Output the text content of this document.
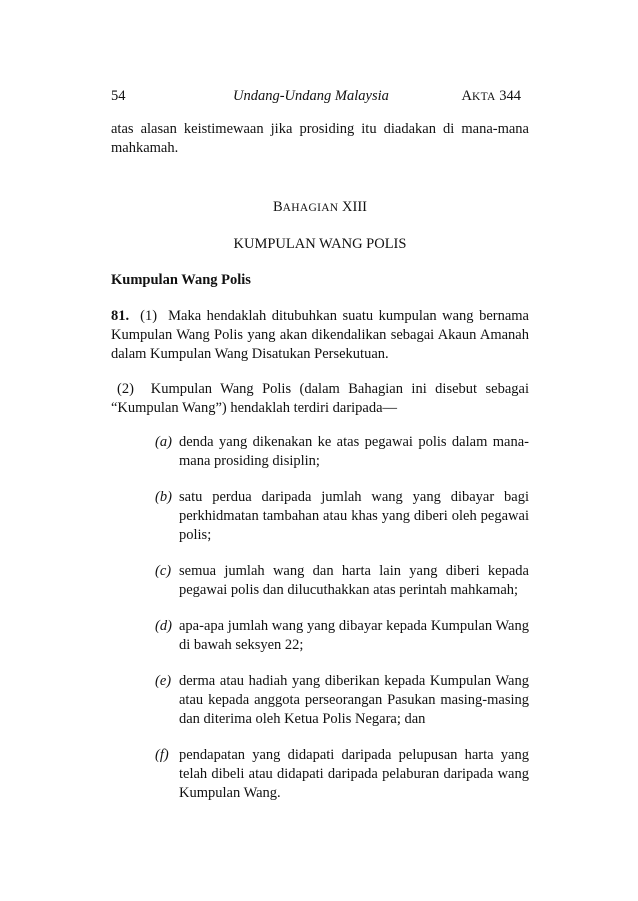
54	Undang-Undang Malaysia	AKTA 344

atas alasan keistimewaan jika prosiding itu diadakan di mana-mana mahkamah.

BAHAGIAN XIII
KUMPULAN WANG POLIS
Kumpulan Wang Polis

81. (1)  Maka hendaklah ditubuhkan suatu kumpulan wang bernama Kumpulan Wang Polis yang akan dikendalikan sebagai Akaun Amanah dalam Kumpulan Wang Disatukan Persekutuan.

(2)  Kumpulan Wang Polis (dalam Bahagian ini disebut sebagai “Kumpulan Wang”) hendaklah terdiri daripada—

(a) denda yang dikenakan ke atas pegawai polis dalam mana-mana prosiding disiplin;

(b) satu perdua daripada jumlah wang yang dibayar bagi perkhidmatan tambahan atau khas yang diberi oleh pegawai polis;

(c) semua jumlah wang dan harta lain yang diberi kepada pegawai polis dan dilucuthakkan atas perintah mahkamah;

(d) apa-apa jumlah wang yang dibayar kepada Kumpulan Wang di bawah seksyen 22;

(e) derma atau hadiah yang diberikan kepada Kumpulan Wang atau kepada anggota perseorangan Pasukan masing-masing dan diterima oleh Ketua Polis Negara; dan

(f) pendapatan yang didapati daripada pelupusan harta yang telah dibeli atau didapati daripada pelaburan daripada wang Kumpulan Wang.
